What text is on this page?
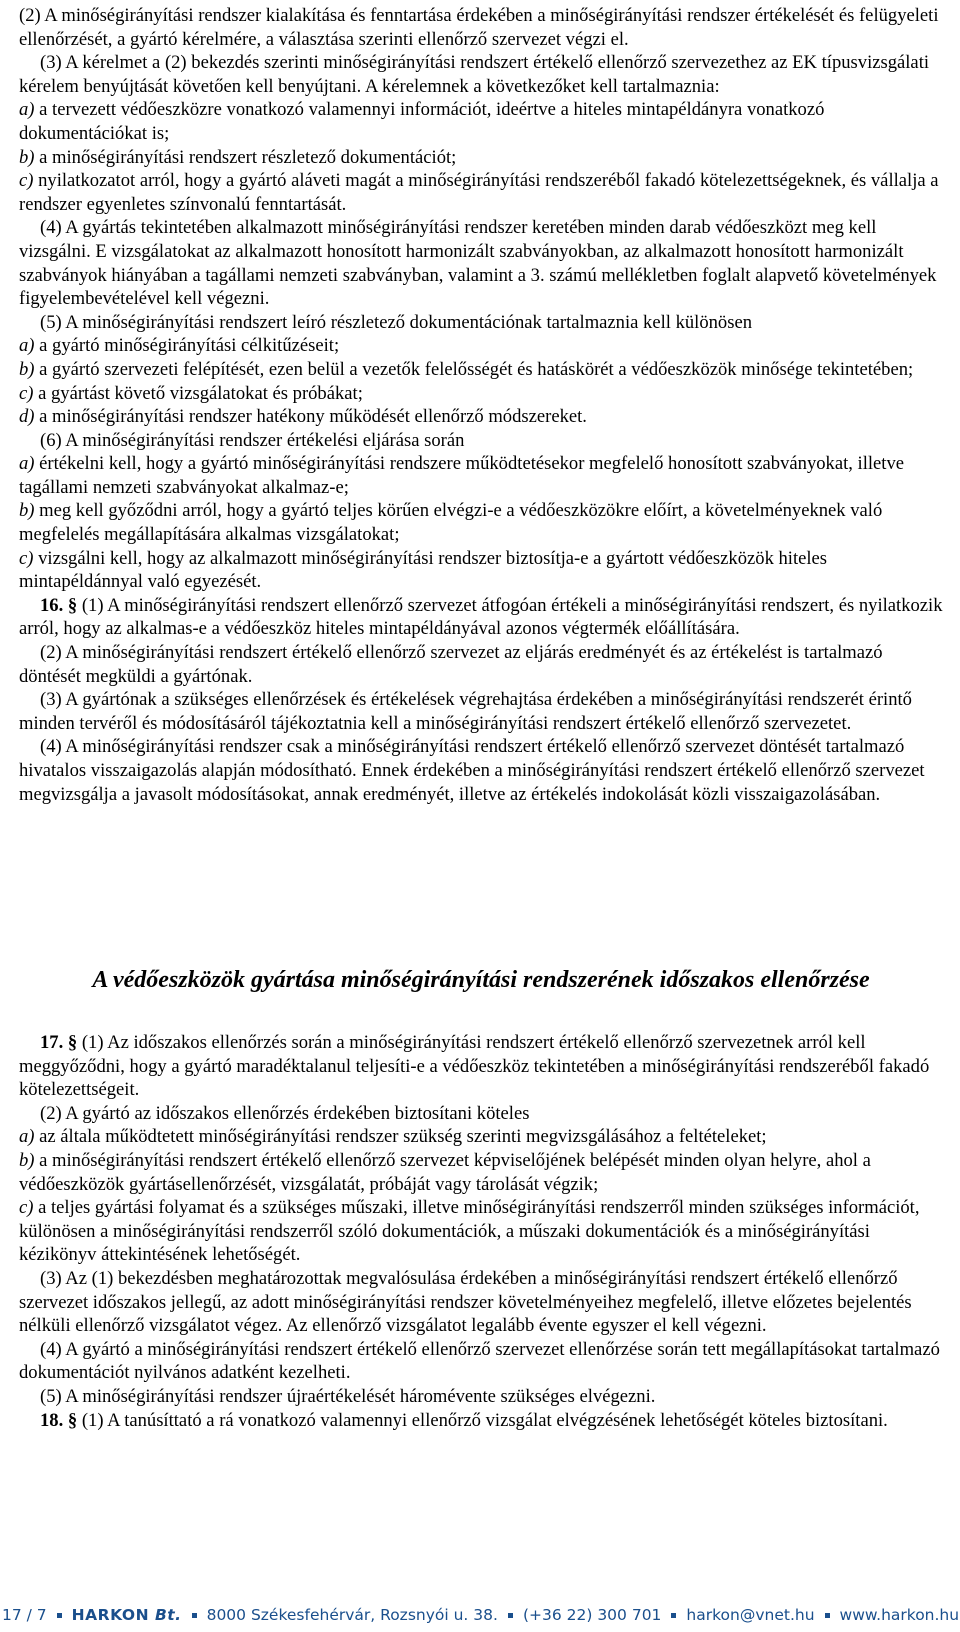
(2) A minőségirányítási rendszer kialakítása és fenntartása érdekében a minőségirányítási rendszer értékelését és felügyeleti ellenőrzését, a gyártó kérelmére, a választása szerinti ellenőrző szervezet végzi el.

(3) A kérelmet a (2) bekezdés szerinti minőségirányítási rendszert értékelő ellenőrző szervezethez az EK típusvizsgálati kérelem benyújtását követően kell benyújtani. A kérelemnek a következőket kell tartalmaznia:

a) a tervezett védőeszközre vonatkozó valamennyi információt, ideértve a hiteles mintapéldányra vonatkozó dokumentációkat is;

b) a minőségirányítási rendszert részletező dokumentációt;

c) nyilatkozatot arról, hogy a gyártó aláveti magát a minőségirányítási rendszeréből fakadó kötelezettségeknek, és vállalja a rendszer egyenletes színvonalú fenntartását.

(4) A gyártás tekintetében alkalmazott minőségirányítási rendszer keretében minden darab védőeszközt meg kell vizsgálni. E vizsgálatokat az alkalmazott honosított harmonizált szabványokban, az alkalmazott honosított harmonizált szabványok hiányában a tagállami nemzeti szabványban, valamint a 3. számú mellékletben foglalt alapvető követelmények figyelembevételével kell végezni.

(5) A minőségirányítási rendszert leíró részletező dokumentációnak tartalmaznia kell különösen

a) a gyártó minőségirányítási célkitűzéseit;

b) a gyártó szervezeti felépítését, ezen belül a vezetők felelősségét és hatáskörét a védőeszközök minősége tekintetében;

c) a gyártást követő vizsgálatokat és próbákat;

d) a minőségirányítási rendszer hatékony működését ellenőrző módszereket.

(6) A minőségirányítási rendszer értékelési eljárása során

a) értékelni kell, hogy a gyártó minőségirányítási rendszere működtetésekor megfelelő honosított szabványokat, illetve tagállami nemzeti szabványokat alkalmaz-e;

b) meg kell győződni arról, hogy a gyártó teljes körűen elvégzi-e a védőeszközökre előírt, a követelményeknek való megfelelés megállapítására alkalmas vizsgálatokat;

c) vizsgálni kell, hogy az alkalmazott minőségirányítási rendszer biztosítja-e a gyártott védőeszközök hiteles mintapéldánnyal való egyezését.

16. § (1) A minőségirányítási rendszert ellenőrző szervezet átfogóan értékeli a minőségirányítási rendszert, és nyilatkozik arról, hogy az alkalmas-e a védőeszköz hiteles mintapéldányával azonos végtermék előállítására.

(2) A minőségirányítási rendszert értékelő ellenőrző szervezet az eljárás eredményét és az értékelést is tartalmazó döntését megküldi a gyártónak.

(3) A gyártónak a szükséges ellenőrzések és értékelések végrehajtása érdekében a minőségirányítási rendszerét érintő minden tervéről és módosításáról tájékoztatnia kell a minőségirányítási rendszert értékelő ellenőrző szervezetet.

(4) A minőségirányítási rendszer csak a minőségirányítási rendszert értékelő ellenőrző szervezet döntését tartalmazó hivatalos visszaigazolás alapján módosítható. Ennek érdekében a minőségirányítási rendszert értékelő ellenőrző szervezet megvizsgálja a javasolt módosításokat, annak eredményét, illetve az értékelés indokolását közli visszaigazolásában.

A védőeszközök gyártása minőségirányítási rendszerének időszakos ellenőrzése

17. § (1) Az időszakos ellenőrzés során a minőségirányítási rendszert értékelő ellenőrző szervezetnek arról kell meggyőződni, hogy a gyártó maradéktalanul teljesíti-e a védőeszköz tekintetében a minőségirányítási rendszeréből fakadó kötelezettségeit.

(2) A gyártó az időszakos ellenőrzés érdekében biztosítani köteles

a) az általa működtetett minőségirányítási rendszer szükség szerinti megvizsgálásához a feltételeket;

b) a minőségirányítási rendszert értékelő ellenőrző szervezet képviselőjének belépését minden olyan helyre, ahol a védőeszközök gyártásellenőrzését, vizsgálatát, próbáját vagy tárolását végzik;

c) a teljes gyártási folyamat és a szükséges műszaki, illetve minőségirányítási rendszerről minden szükséges információt, különösen a minőségirányítási rendszerről szóló dokumentációk, a műszaki dokumentációk és a minőségirányítási kézikönyv áttekintésének lehetőségét.

(3) Az (1) bekezdésben meghatározottak megvalósulása érdekében a minőségirányítási rendszert értékelő ellenőrző szervezet időszakos jellegű, az adott minőségirányítási rendszer követelményeihez megfelelő, illetve előzetes bejelentés nélküli ellenőrző vizsgálatot végez. Az ellenőrző vizsgálatot legalább évente egyszer el kell végezni.

(4) A gyártó a minőségirányítási rendszert értékelő ellenőrző szervezet ellenőrzése során tett megállapításokat tartalmazó dokumentációt nyilvános adatként kezelheti.

(5) A minőségirányítási rendszer újraértékelését háromévente szükséges elvégezni.

18. § (1) A tanúsíttató a rá vonatkozó valamennyi ellenőrző vizsgálat elvégzésének lehetőségét köteles biztosítani.

17 / 7 HARKON Bt. 8000 Székesfehérvár, Rozsnyói u. 38. (+36 22) 300 701 harkon@vnet.hu www.harkon.hu
